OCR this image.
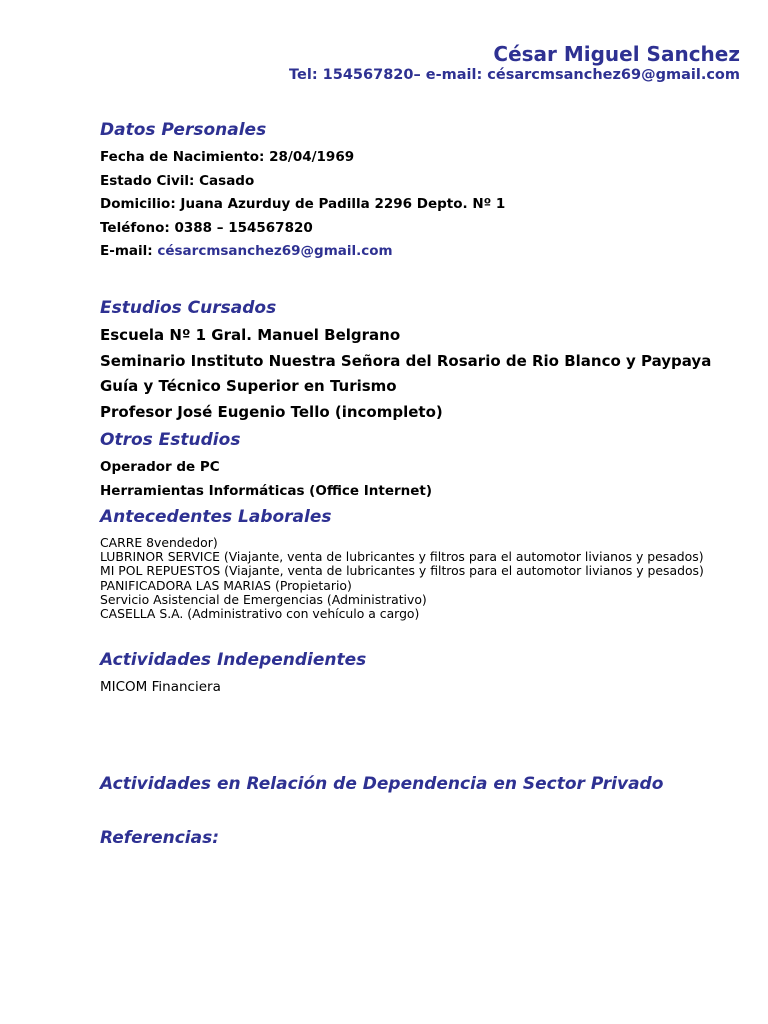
César Miguel Sanchez
Tel: 154567820– e-mail: césarcmsanchez69@gmail.com
Datos Personales
Fecha de Nacimiento: 28/04/1969
Estado Civil: Casado
Domicilio: Juana Azurduy de Padilla 2296 Depto. Nº 1
Teléfono: 0388 – 154567820
E-mail: césarcmsanchez69@gmail.com
Estudios Cursados
Escuela Nº 1 Gral. Manuel Belgrano
Seminario Instituto Nuestra Señora del Rosario de Rio Blanco y Paypaya
Guía y Técnico Superior en Turismo
Profesor José Eugenio Tello (incompleto)
Otros Estudios
Operador de PC
Herramientas Informáticas (Office Internet)
Antecedentes Laborales
CARRE 8vendedor)
LUBRINOR SERVICE (Viajante, venta de lubricantes y filtros para el automotor livianos y pesados)
MI POL REPUESTOS (Viajante, venta de lubricantes y filtros para el automotor livianos y pesados)
PANIFICADORA LAS MARIAS (Propietario)
Servicio Asistencial de Emergencias (Administrativo)
CASELLA S.A. (Administrativo con vehículo a cargo)
Actividades Independientes
MICOM Financiera
Actividades en Relación de Dependencia en Sector Privado
Referencias:
